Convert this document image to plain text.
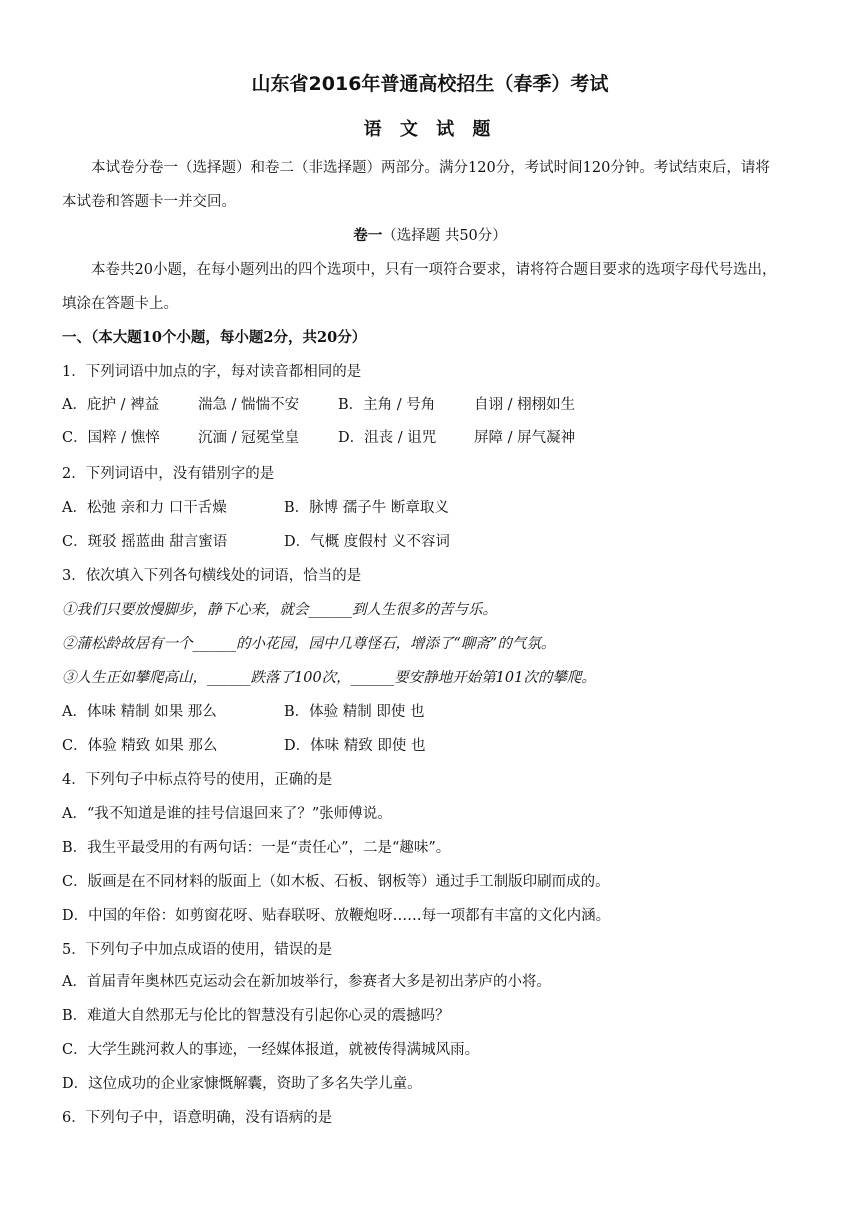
山东省2016年普通高校招生（春季）考试
语 文 试 题
本试卷分卷一（选择题）和卷二（非选择题）两部分。满分120分，考试时间120分钟。考试结束后，请将
本试卷和答题卡一并交回。
卷一（选择题 共50分）
本卷共20小题，在每小题列出的四个选项中，只有一项符合要求，请将符合题目要求的选项字母代号选出，
填涂在答题卡上。
一、（本大题10个小题，每小题2分，共20分）
1．下列词语中加点的字，每对读音都相同的是
A．庇护 / 裨益	湍急 / 惴惴不安	B．主角 / 号角	自诩 / 栩栩如生
C．国粹 / 憔悴	沉湎 / 冠冕堂皇	D．沮丧 / 诅咒	屏障 / 屏气凝神
2．下列词语中，没有错别字的是
A．松弛 亲和力 口干舌燥	B．脉博 孺子牛 断章取义
C．斑驳 摇蓝曲 甜言蜜语	D．气概 度假村 义不容词
3．依次填入下列各句横线处的词语，恰当的是
①我们只要放慢脚步，静下心来，就会______到人生很多的苦与乐。
②蒲松龄故居有一个______的小花园，园中几尊怪石，增添了“聊斋”的气氛。
③人生正如攀爬高山，______跌落了100次，______要安静地开始第101次的攀爬。
A．体味 精制 如果 那么	B．体验 精制 即使 也
C．体验 精致 如果 那么	D．体味 精致 即使 也
4．下列句子中标点符号的使用，正确的是
A．“我不知道是谁的挂号信退回来了？”张师傅说。
B．我生平最受用的有两句话：一是“责任心”，二是“趣味”。
C．版画是在不同材料的版面上（如木板、石板、钢板等）通过手工制版印刷而成的。
D．中国的年俗：如剪窗花呀、贴春联呀、放鞭炮呀……每一项都有丰富的文化内涵。
5．下列句子中加点成语的使用，错误的是
A．首届青年奥林匹克运动会在新加坡举行，参赛者大多是初出茅庐的小将。
B．难道大自然那无与伦比的智慧没有引起你心灵的震撼吗？
C．大学生跳河救人的事迹，一经媒体报道，就被传得满城风雨。
D．这位成功的企业家慷慨解囊，资助了多名失学儿童。
6．下列句子中，语意明确，没有语病的是
